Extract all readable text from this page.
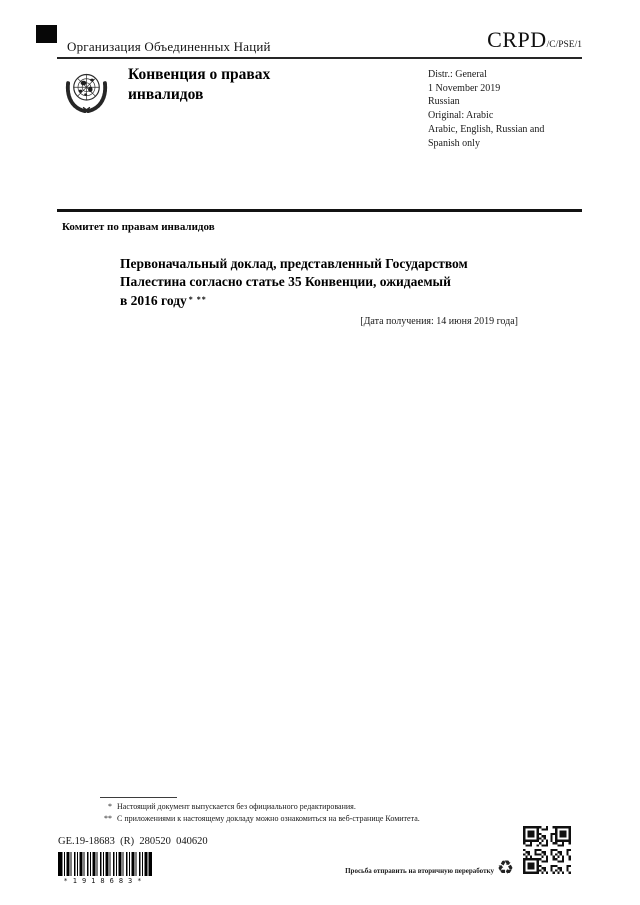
Организация Объединенных Наций	CRPD/C/PSE/1
Конвенция о правах
инвалидов
Distr.: General
1 November 2019
Russian
Original: Arabic
Arabic, English, Russian and
Spanish only
Комитет по правам инвалидов
Первоначальный доклад, представленный Государством
Палестина согласно статье 35 Конвенции, ожидаемый
в 2016 году * **
[Дата получения: 14 июня 2019 года]
* Настоящий документ выпускается без официального редактирования.
** С приложениями к настоящему докладу можно ознакомиться на веб-странице Комитета.
GE.19-18683  (R)  280520  040620
*1918683*
Просьба отправить на вторичную переработку ♻
